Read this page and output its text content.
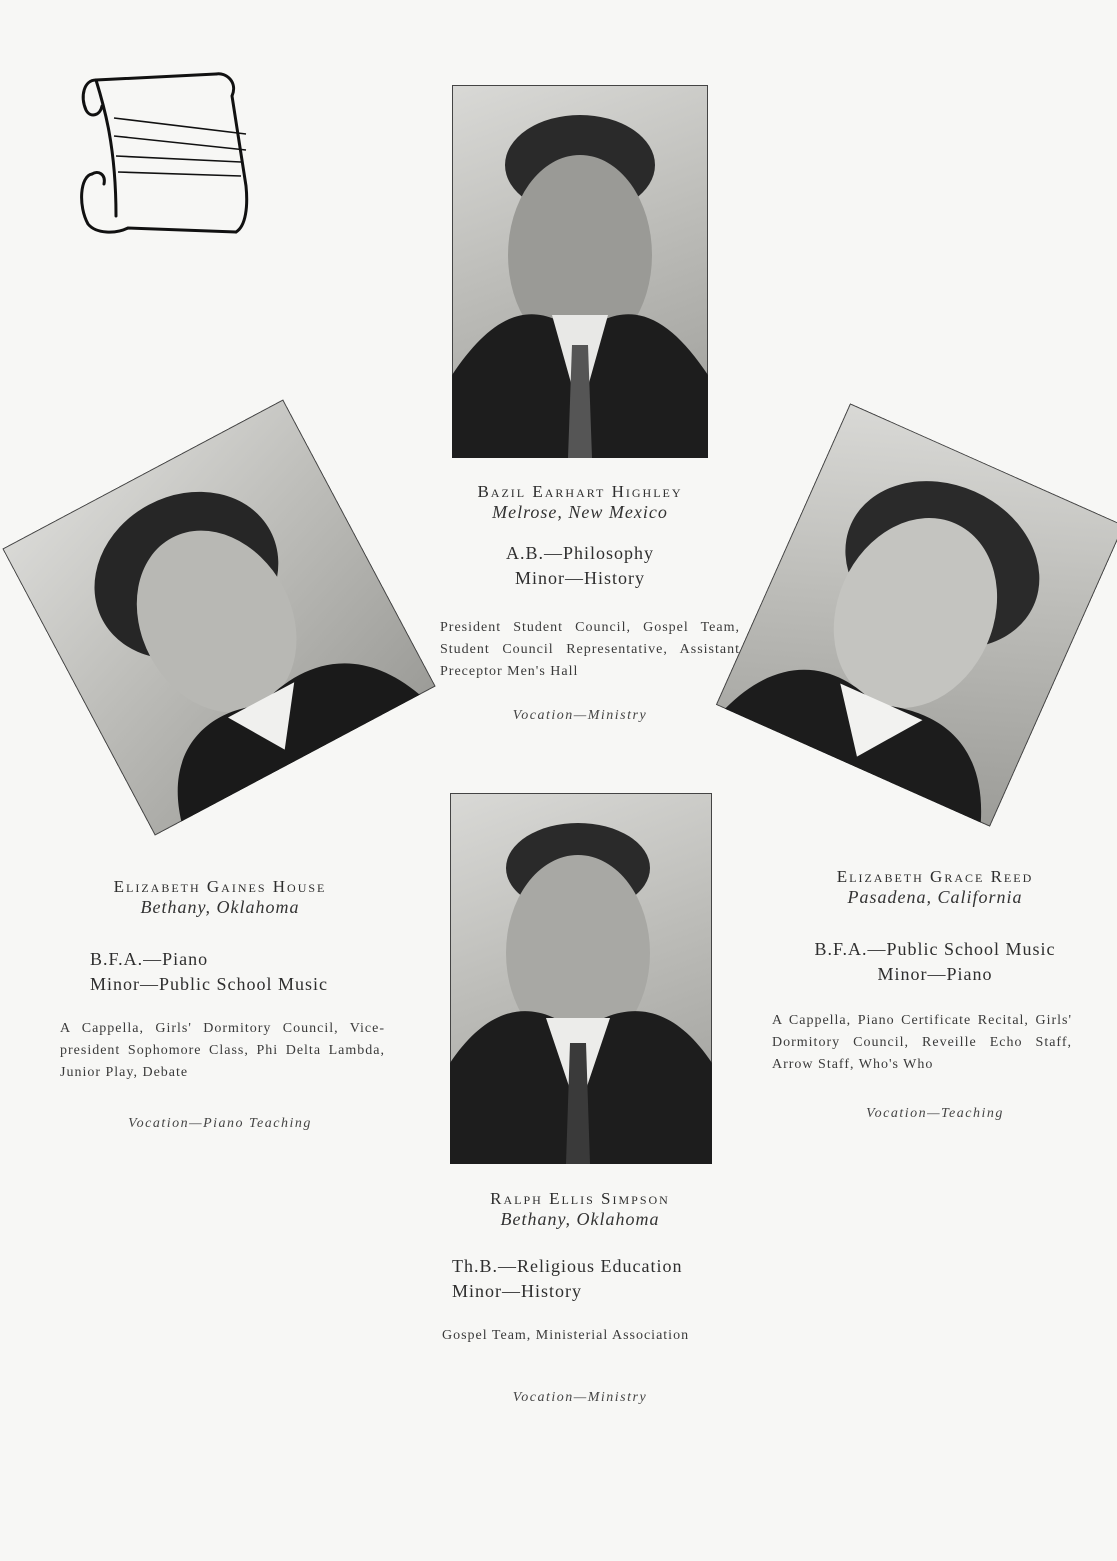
Bazil Earhart Highley
Melrose, New Mexico
A.B.—Philosophy
Minor—History
President Student Council, Gospel Team, Student Council Representative, Assistant Preceptor Men's Hall
Vocation—Ministry
Elizabeth Gaines House
Bethany, Oklahoma
B.F.A.—Piano
Minor—Public School Music
A Cappella, Girls' Dormitory Council, Vice-president Sophomore Class, Phi Delta Lambda, Junior Play, Debate
Vocation—Piano Teaching
Elizabeth Grace Reed
Pasadena, California
B.F.A.—Public School Music
Minor—Piano
A Cappella, Piano Certificate Recital, Girls' Dormitory Council, Reveille Echo Staff, Arrow Staff, Who's Who
Vocation—Teaching
Ralph Ellis Simpson
Bethany, Oklahoma
Th.B.—Religious Education
Minor—History
Gospel Team, Ministerial Association
Vocation—Ministry
